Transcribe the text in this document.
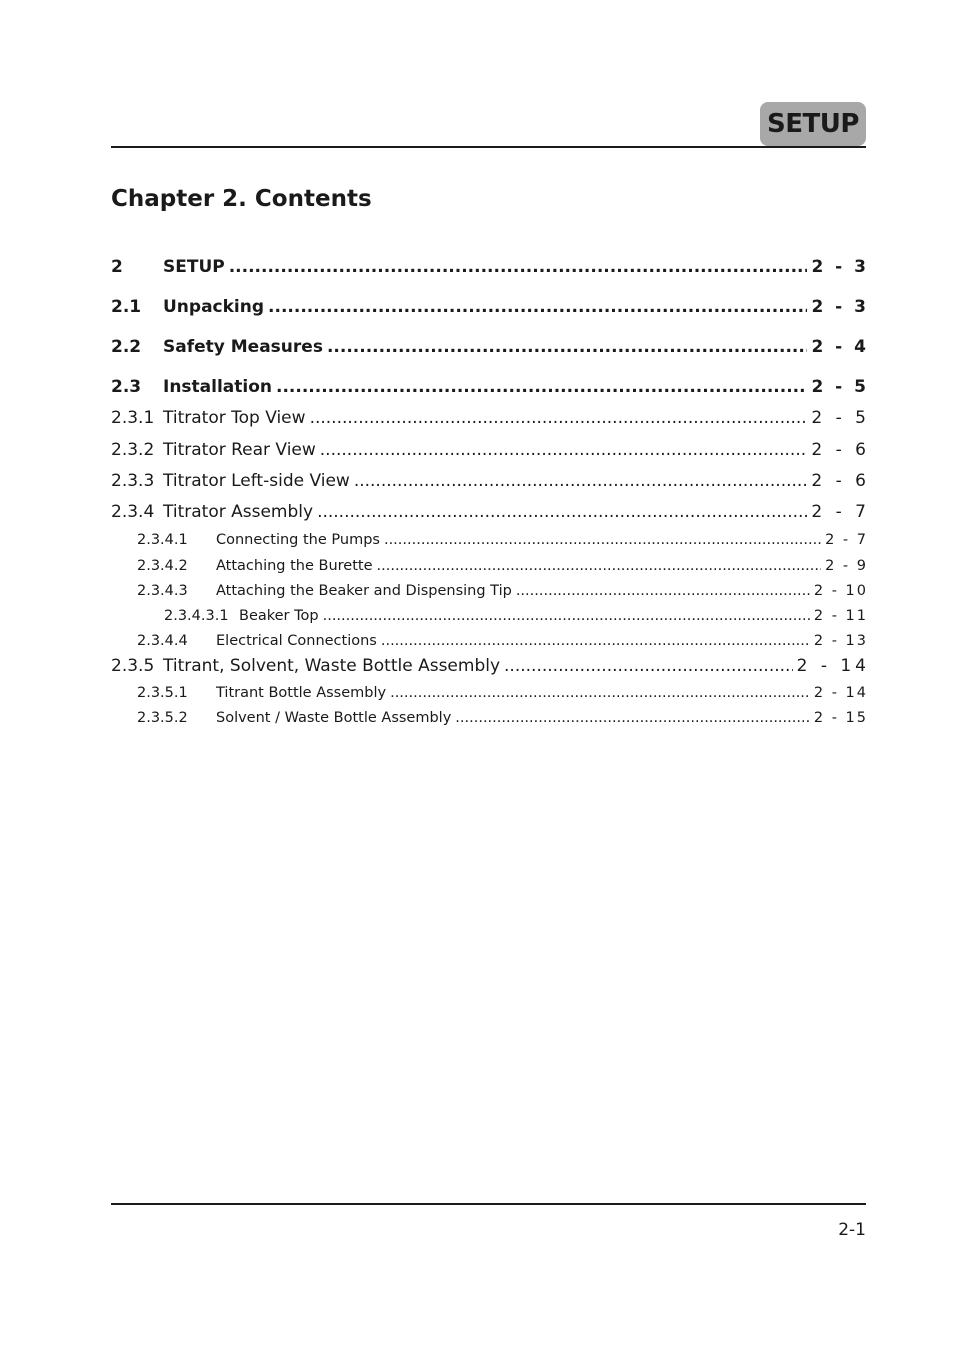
SETUP
Chapter 2. Contents
2	SETUP .....	2 - 3
2.1	Unpacking .....	2 - 3
2.2	Safety Measures .....	2 - 4
2.3	Installation .....	2 - 5
2.3.1 Titrator Top View .....	2 - 5
2.3.2 Titrator Rear View .....	2 - 6
2.3.3 Titrator Left-side View .....	2 - 6
2.3.4 Titrator Assembly .....	2 - 7
2.3.4.1	Connecting the Pumps .....	2 - 7
2.3.4.2	Attaching the Burette .....	2 - 9
2.3.4.3	Attaching the Beaker and Dispensing Tip .....	2 - 10
2.3.4.3.1 Beaker Top .....	2 - 11
2.3.4.4	Electrical Connections .....	2 - 13
2.3.5 Titrant, Solvent, Waste Bottle Assembly .....	2 - 14
2.3.5.1	Titrant Bottle Assembly .....	2 - 14
2.3.5.2	Solvent / Waste Bottle Assembly .....	2 - 15
2-1
